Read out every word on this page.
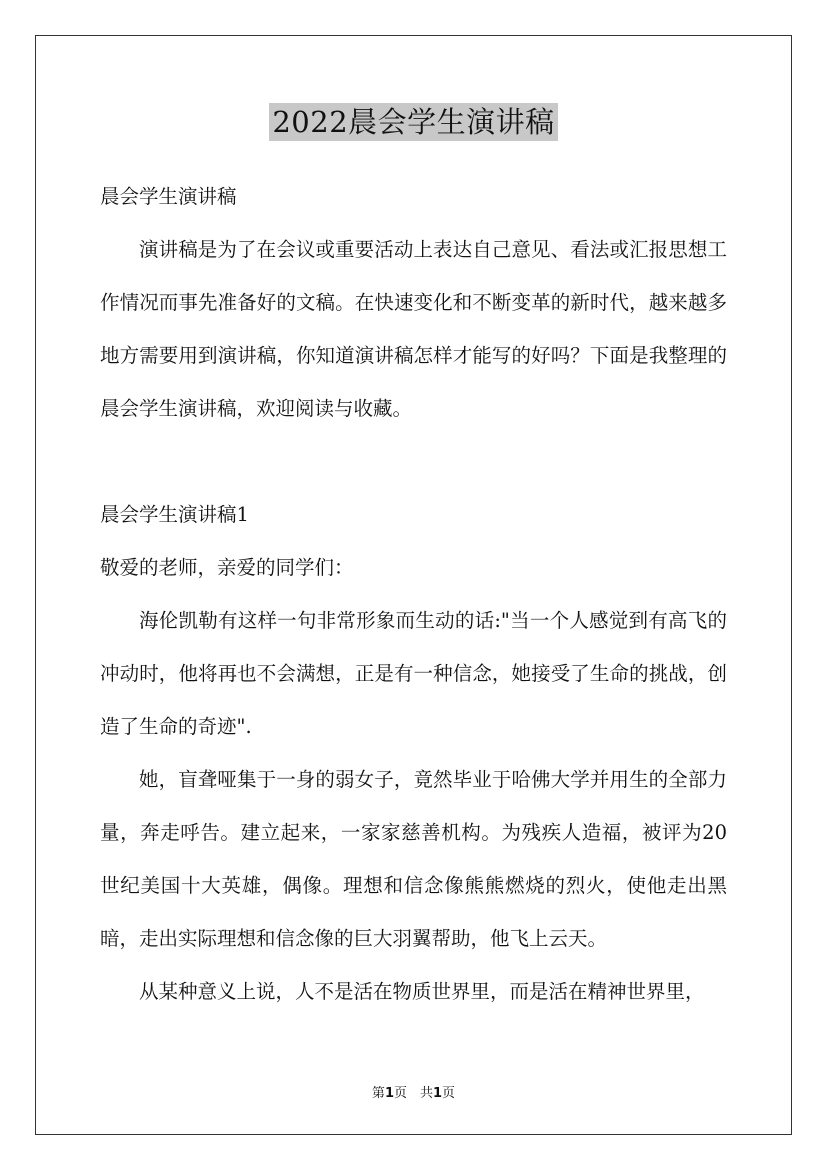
2022晨会学生演讲稿

晨会学生演讲稿

演讲稿是为了在会议或重要活动上表达自己意见、看法或汇报思想工作情况而事先准备好的文稿。在快速变化和不断变革的新时代，越来越多地方需要用到演讲稿，你知道演讲稿怎样才能写的好吗？下面是我整理的晨会学生演讲稿，欢迎阅读与收藏。

晨会学生演讲稿1

敬爱的老师，亲爱的同学们：

海伦凯勒有这样一句非常形象而生动的话:"当一个人感觉到有高飞的冲动时，他将再也不会满想，正是有一种信念，她接受了生命的挑战，创造了生命的奇迹".

她，盲聋哑集于一身的弱女子，竟然毕业于哈佛大学并用生的全部力量，奔走呼告。建立起来，一家家慈善机构。为残疾人造福，被评为20世纪美国十大英雄，偶像。理想和信念像熊熊燃烧的烈火，使他走出黑暗，走出实际理想和信念像的巨大羽翼帮助，他飞上云天。

从某种意义上说，人不是活在物质世界里，而是活在精神世界里，

第1页　共1页
